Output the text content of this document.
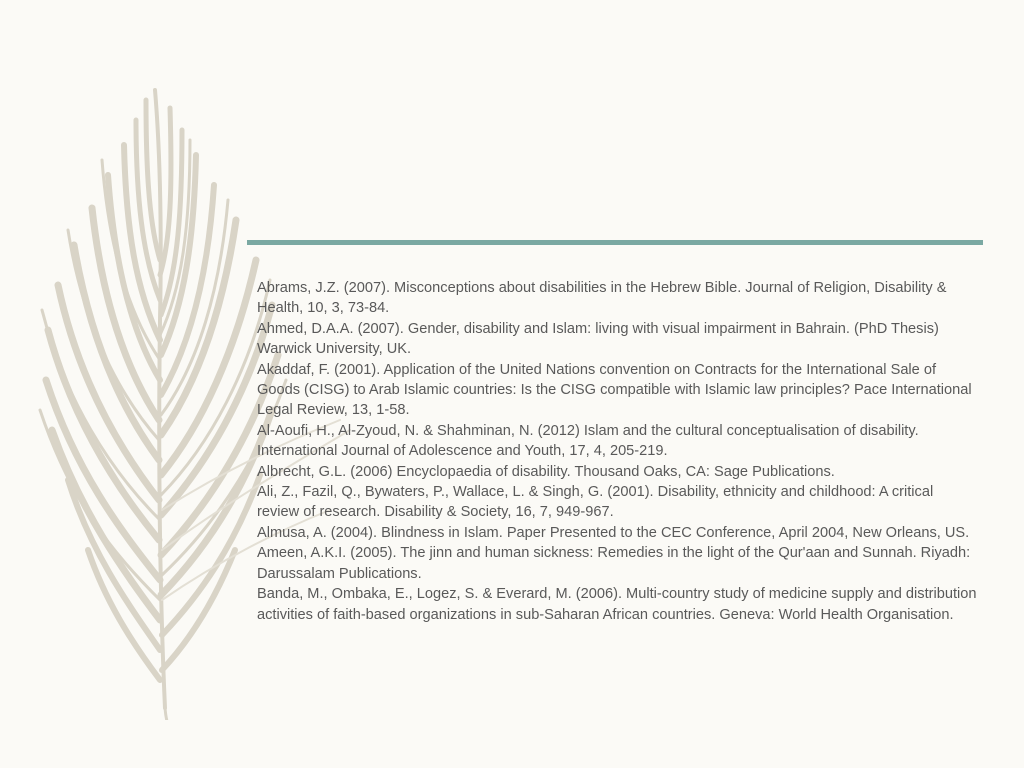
Abrams, J.Z. (2007). Misconceptions about disabilities in the Hebrew Bible. Journal of Religion, Disability & Health, 10, 3, 73-84.

Ahmed, D.A.A. (2007). Gender, disability and Islam: living with visual impairment in Bahrain. (PhD Thesis) Warwick University, UK.

Akaddaf, F. (2001). Application of the United Nations convention on Contracts for the International Sale of Goods (CISG) to Arab Islamic countries: Is the CISG compatible with Islamic law principles? Pace International Legal Review, 13, 1-58.

Al-Aoufi, H., Al-Zyoud, N. & Shahminan, N. (2012) Islam and the cultural conceptualisation of disability. International Journal of Adolescence and Youth, 17, 4, 205-219.

Albrecht, G.L. (2006) Encyclopaedia of disability. Thousand Oaks, CA: Sage Publications.

Ali, Z., Fazil, Q., Bywaters, P., Wallace, L. & Singh, G. (2001). Disability, ethnicity and childhood: A critical review of research. Disability & Society, 16, 7, 949-967.

Almusa, A. (2004). Blindness in Islam. Paper Presented to the CEC Conference, April 2004, New Orleans, US.

Ameen, A.K.I. (2005). The jinn and human sickness: Remedies in the light of the Qur'aan and Sunnah. Riyadh: Darussalam Publications.

Banda, M., Ombaka, E., Logez, S. & Everard, M. (2006). Multi-country study of medicine supply and distribution activities of faith-based organizations in sub-Saharan African countries. Geneva: World Health Organisation.
